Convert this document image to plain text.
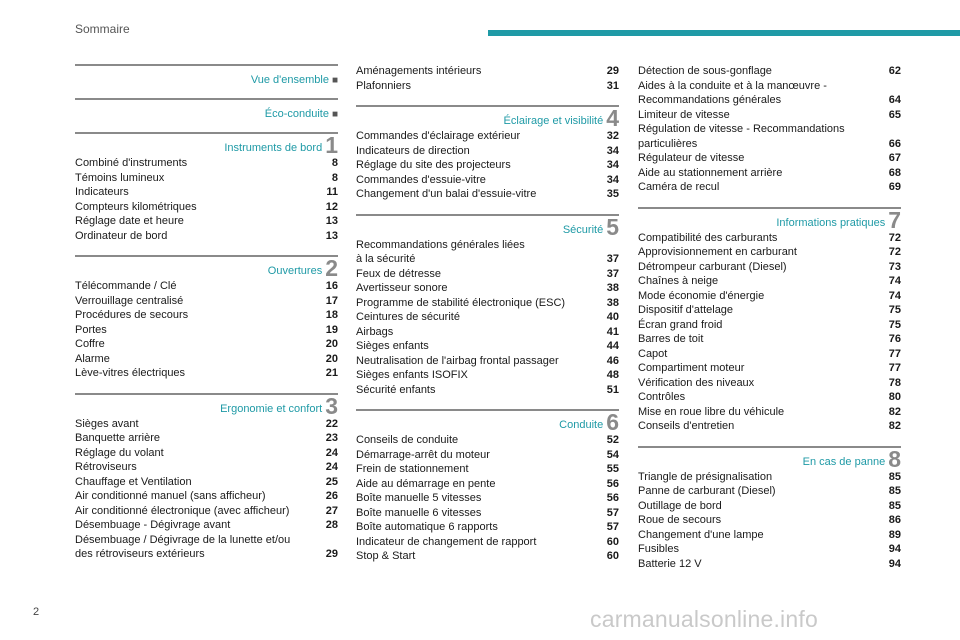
Sommaire
Vue d'ensemble ■
Éco-conduite ■
Instruments de bord 1
Combiné d'instruments	8
Témoins lumineux	8
Indicateurs	11
Compteurs kilométriques	12
Réglage date et heure	13
Ordinateur de bord	13
Ouvertures 2
Télécommande / Clé	16
Verrouillage centralisé	17
Procédures de secours	18
Portes	19
Coffre	20
Alarme	20
Lève-vitres électriques	21
Ergonomie et confort 3
Sièges avant	22
Banquette arrière	23
Réglage du volant	24
Rétroviseurs	24
Chauffage et Ventilation	25
Air conditionné manuel (sans afficheur)	26
Air conditionné électronique (avec afficheur)	27
Désembuage - Dégivrage avant	28
Désembuage / Dégivrage de la lunette et/ou
des rétroviseurs extérieurs	29
Aménagements intérieurs	29
Plafonniers	31
Éclairage et visibilité 4
Commandes d'éclairage extérieur	32
Indicateurs de direction	34
Réglage du site des projecteurs	34
Commandes d'essuie-vitre	34
Changement d'un balai d'essuie-vitre	35
Sécurité 5
Recommandations générales liées
à la sécurité	37
Feux de détresse	37
Avertisseur sonore	38
Programme de stabilité électronique (ESC)	38
Ceintures de sécurité	40
Airbags	41
Sièges enfants	44
Neutralisation de l'airbag frontal passager	46
Sièges enfants ISOFIX	48
Sécurité enfants	51
Conduite 6
Conseils de conduite	52
Démarrage-arrêt du moteur	54
Frein de stationnement	55
Aide au démarrage en pente	56
Boîte manuelle 5 vitesses	56
Boîte manuelle 6 vitesses	57
Boîte automatique 6 rapports	57
Indicateur de changement de rapport	60
Stop & Start	60
Détection de sous-gonflage	62
Aides à la conduite et à la manœuvre -
Recommandations générales	64
Limiteur de vitesse	65
Régulation de vitesse - Recommandations
particulières	66
Régulateur de vitesse	67
Aide au stationnement arrière	68
Caméra de recul	69
Informations pratiques 7
Compatibilité des carburants	72
Approvisionnement en carburant	72
Détrompeur carburant (Diesel)	73
Chaînes à neige	74
Mode économie d'énergie	74
Dispositif d'attelage	75
Écran grand froid	75
Barres de toit	76
Capot	77
Compartiment moteur	77
Vérification des niveaux	78
Contrôles	80
Mise en roue libre du véhicule	82
Conseils d'entretien	82
En cas de panne 8
Triangle de présignalisation	85
Panne de carburant (Diesel)	85
Outillage de bord	85
Roue de secours	86
Changement d'une lampe	89
Fusibles	94
Batterie 12 V	94
2	carmanualsonline.info
